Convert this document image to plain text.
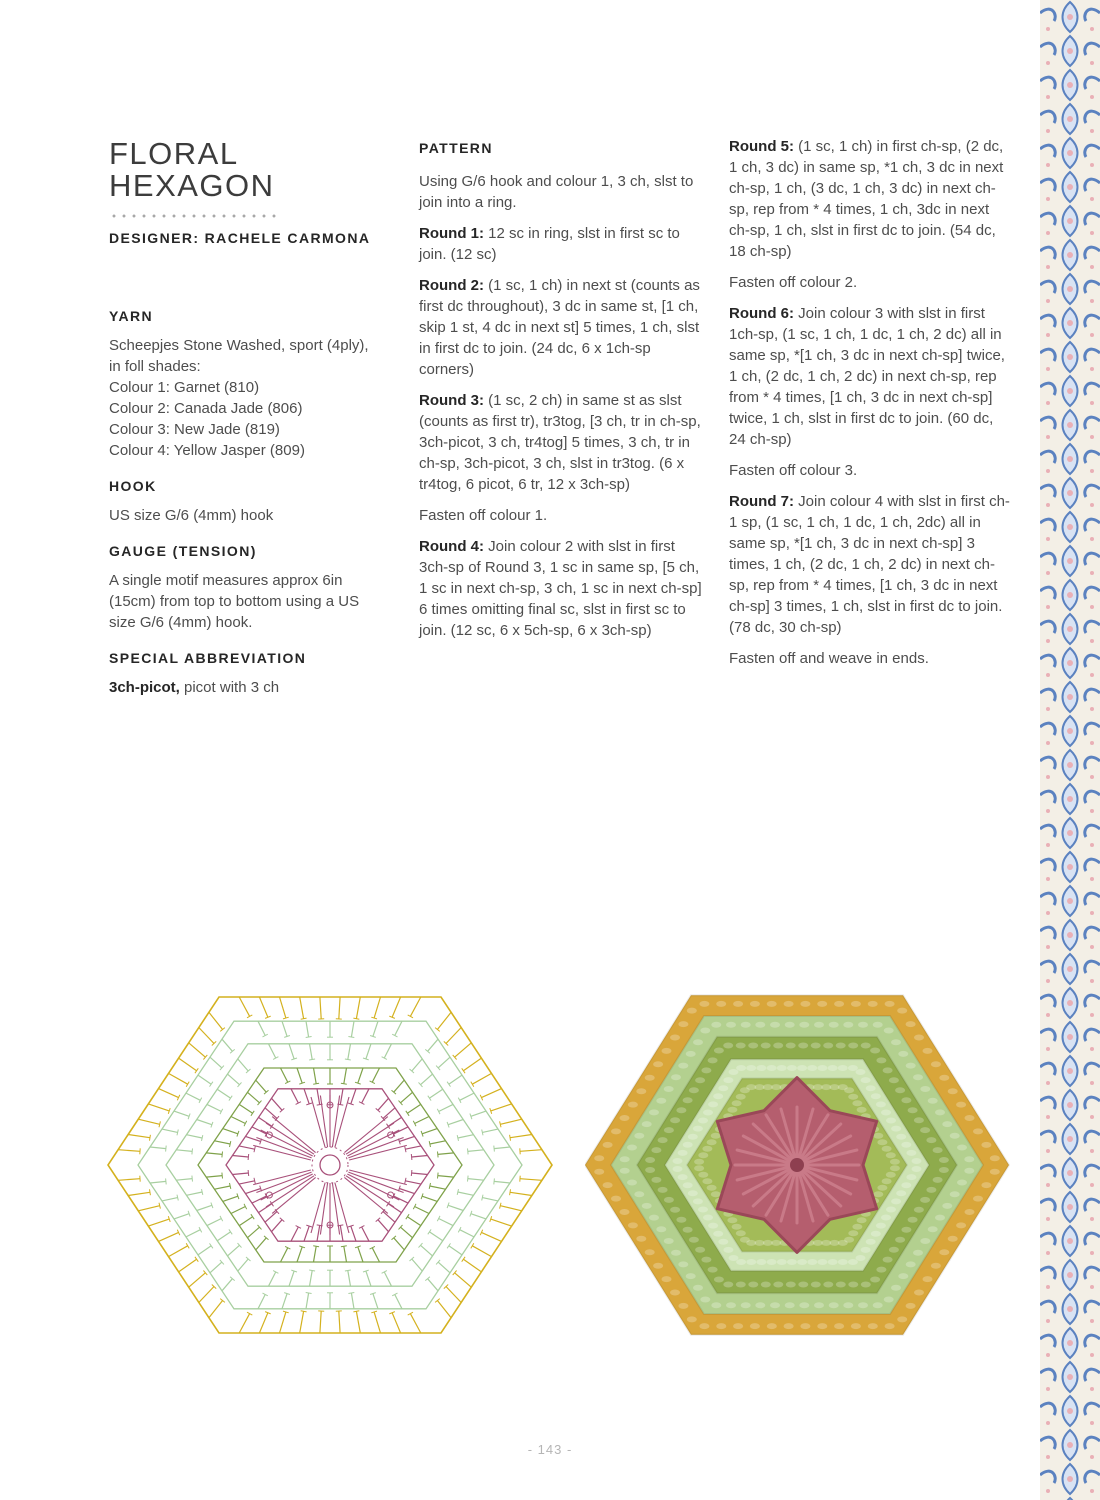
FLORAL
HEXAGON
DESIGNER: RACHELE CARMONA
YARN
Scheepjes Stone Washed, sport (4ply),
in foll shades:
Colour 1: Garnet (810)
Colour 2: Canada Jade (806)
Colour 3: New Jade (819)
Colour 4: Yellow Jasper (809)
HOOK
US size G/6 (4mm) hook
GAUGE (TENSION)
A single motif measures approx 6in (15cm) from top to bottom using a US size G/6 (4mm) hook.
SPECIAL ABBREVIATION
3ch-picot, picot with 3 ch
PATTERN
Using G/6 hook and colour 1, 3 ch, slst to join into a ring.
Round 1: 12 sc in ring, slst in first sc to join. (12 sc)
Round 2: (1 sc, 1 ch) in next st (counts as first dc throughout), 3 dc in same st, [1 ch, skip 1 st, 4 dc in next st] 5 times, 1 ch, slst in first dc to join. (24 dc, 6 x 1ch-sp corners)
Round 3: (1 sc, 2 ch) in same st as slst (counts as first tr), tr3tog, [3 ch, tr in ch-sp, 3ch-picot, 3 ch, tr4tog] 5 times, 3 ch, tr in ch-sp, 3ch-picot, 3 ch, slst in tr3tog. (6 x tr4tog, 6 picot, 6 tr, 12 x 3ch-sp)
Fasten off colour 1.
Round 4: Join colour 2 with slst in first 3ch-sp of Round 3, 1 sc in same sp, [5 ch, 1 sc in next ch-sp, 3 ch, 1 sc in next ch-sp] 6 times omitting final sc, slst in first sc to join. (12 sc, 6 x 5ch-sp, 6 x 3ch-sp)
Round 5: (1 sc, 1 ch) in first ch-sp, (2 dc, 1 ch, 3 dc) in same sp, *1 ch, 3 dc in next ch-sp, 1 ch, (3 dc, 1 ch, 3 dc) in next ch-sp, rep from * 4 times, 1 ch, 3dc in next ch-sp, 1 ch, slst in first dc to join. (54 dc, 18 ch-sp)
Fasten off colour 2.
Round 6: Join colour 3 with slst in first 1ch-sp, (1 sc, 1 ch, 1 dc, 1 ch, 2 dc) all in same sp, *[1 ch, 3 dc in next ch-sp] twice, 1 ch, (2 dc, 1 ch, 2 dc) in next ch-sp, rep from * 4 times, [1 ch, 3 dc in next ch-sp] twice, 1 ch, slst in first dc to join. (60 dc, 24 ch-sp)
Fasten off colour 3.
Round 7: Join colour 4 with slst in first ch-1 sp, (1 sc, 1 ch, 1 dc, 1 ch, 2dc) all in same sp, *[1 ch, 3 dc in next ch-sp] 3 times, 1 ch, (2 dc, 1 ch, 2 dc) in next ch-sp, rep from * 4 times, [1 ch, 3 dc in next ch-sp] 3 times, 1 ch, slst in first dc to join. (78 dc, 30 ch-sp)
Fasten off and weave in ends.
- 143 -
